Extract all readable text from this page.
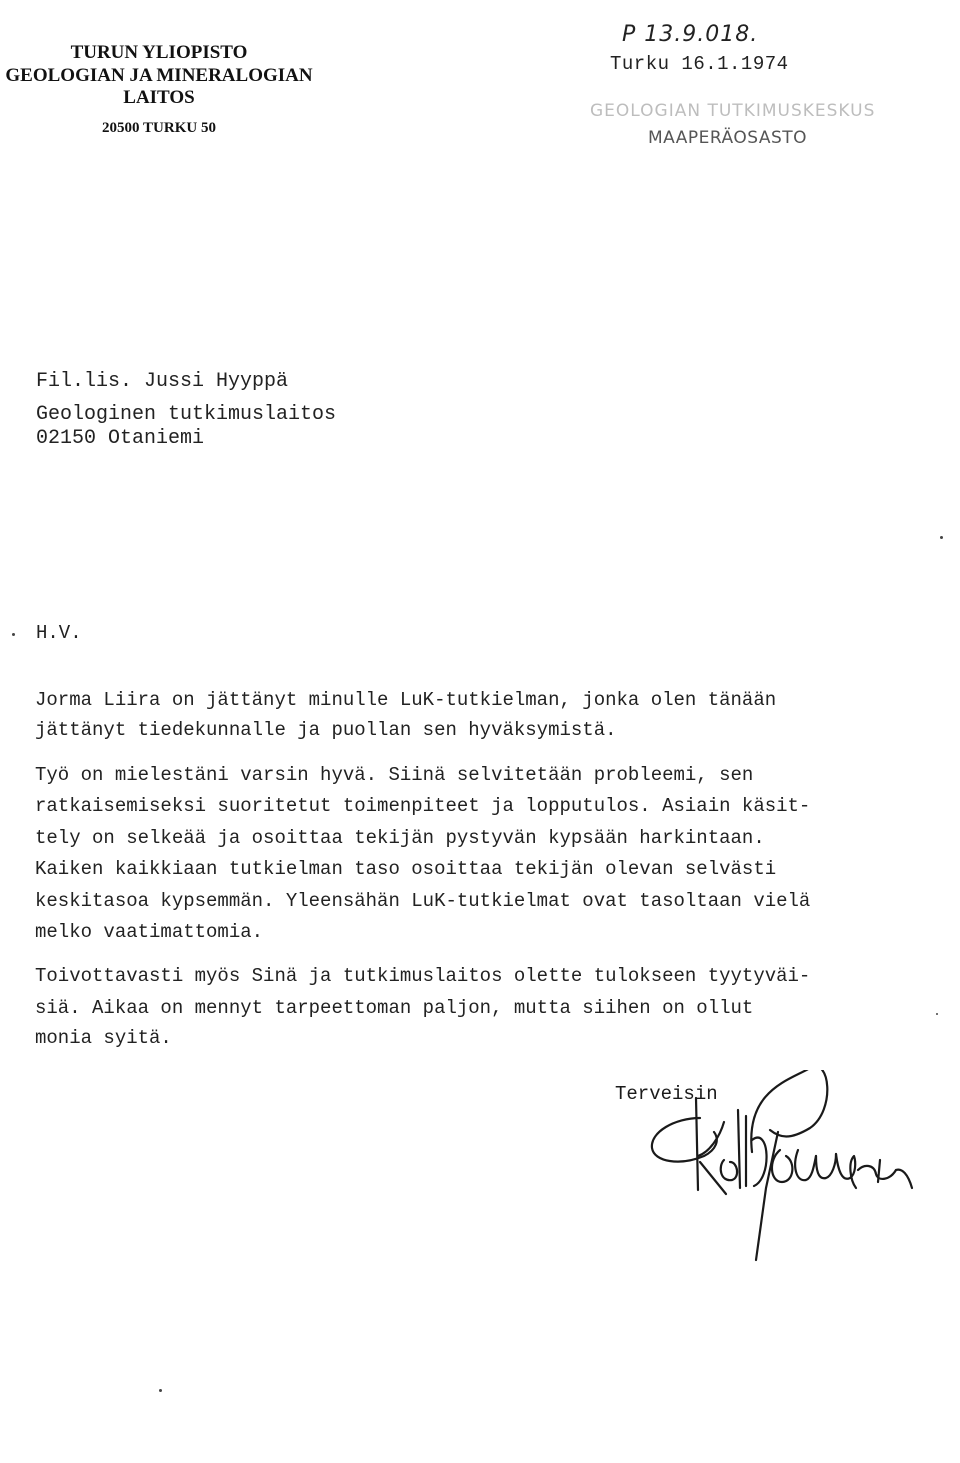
TURUN YLIOPISTO
GEOLOGIAN JA MINERALOGIAN
LAITOS
20500 TURKU 50
P 13.9.018.
Turku 16.1.1974
GEOLOGIAN TUTKIMUSKESKUS
MAAPERÄOSASTO
Fil.lis. Jussi Hyyppä
Geologinen tutkimuslaitos
02150 Otaniemi
H.V.
Jorma Liira on jättänyt minulle LuK-tutkielman, jonka olen tänään
jättänyt tiedekunnalle ja puollan sen hyväksymistä.
Työ on mielestäni varsin hyvä. Siinä selvitetään probleemi, sen
ratkaisemiseksi suoritetut toimenpiteet ja lopputulos. Asiain käsit-
tely on selkeää ja osoittaa tekijän pystyvän kypsään harkintaan.
Kaiken kaikkiaan tutkielman taso osoittaa tekijän olevan selvästi
keskitasoa kypsemmän. Yleensähän LuK-tutkielmat ovat tasoltaan vielä
melko vaatimattomia.
Toivottavasti myös Sinä ja tutkimuslaitos olette tulokseen tyytyväi-
siä. Aikaa on mennyt tarpeettoman paljon, mutta siihen on ollut
monia syitä.
Terveisin
